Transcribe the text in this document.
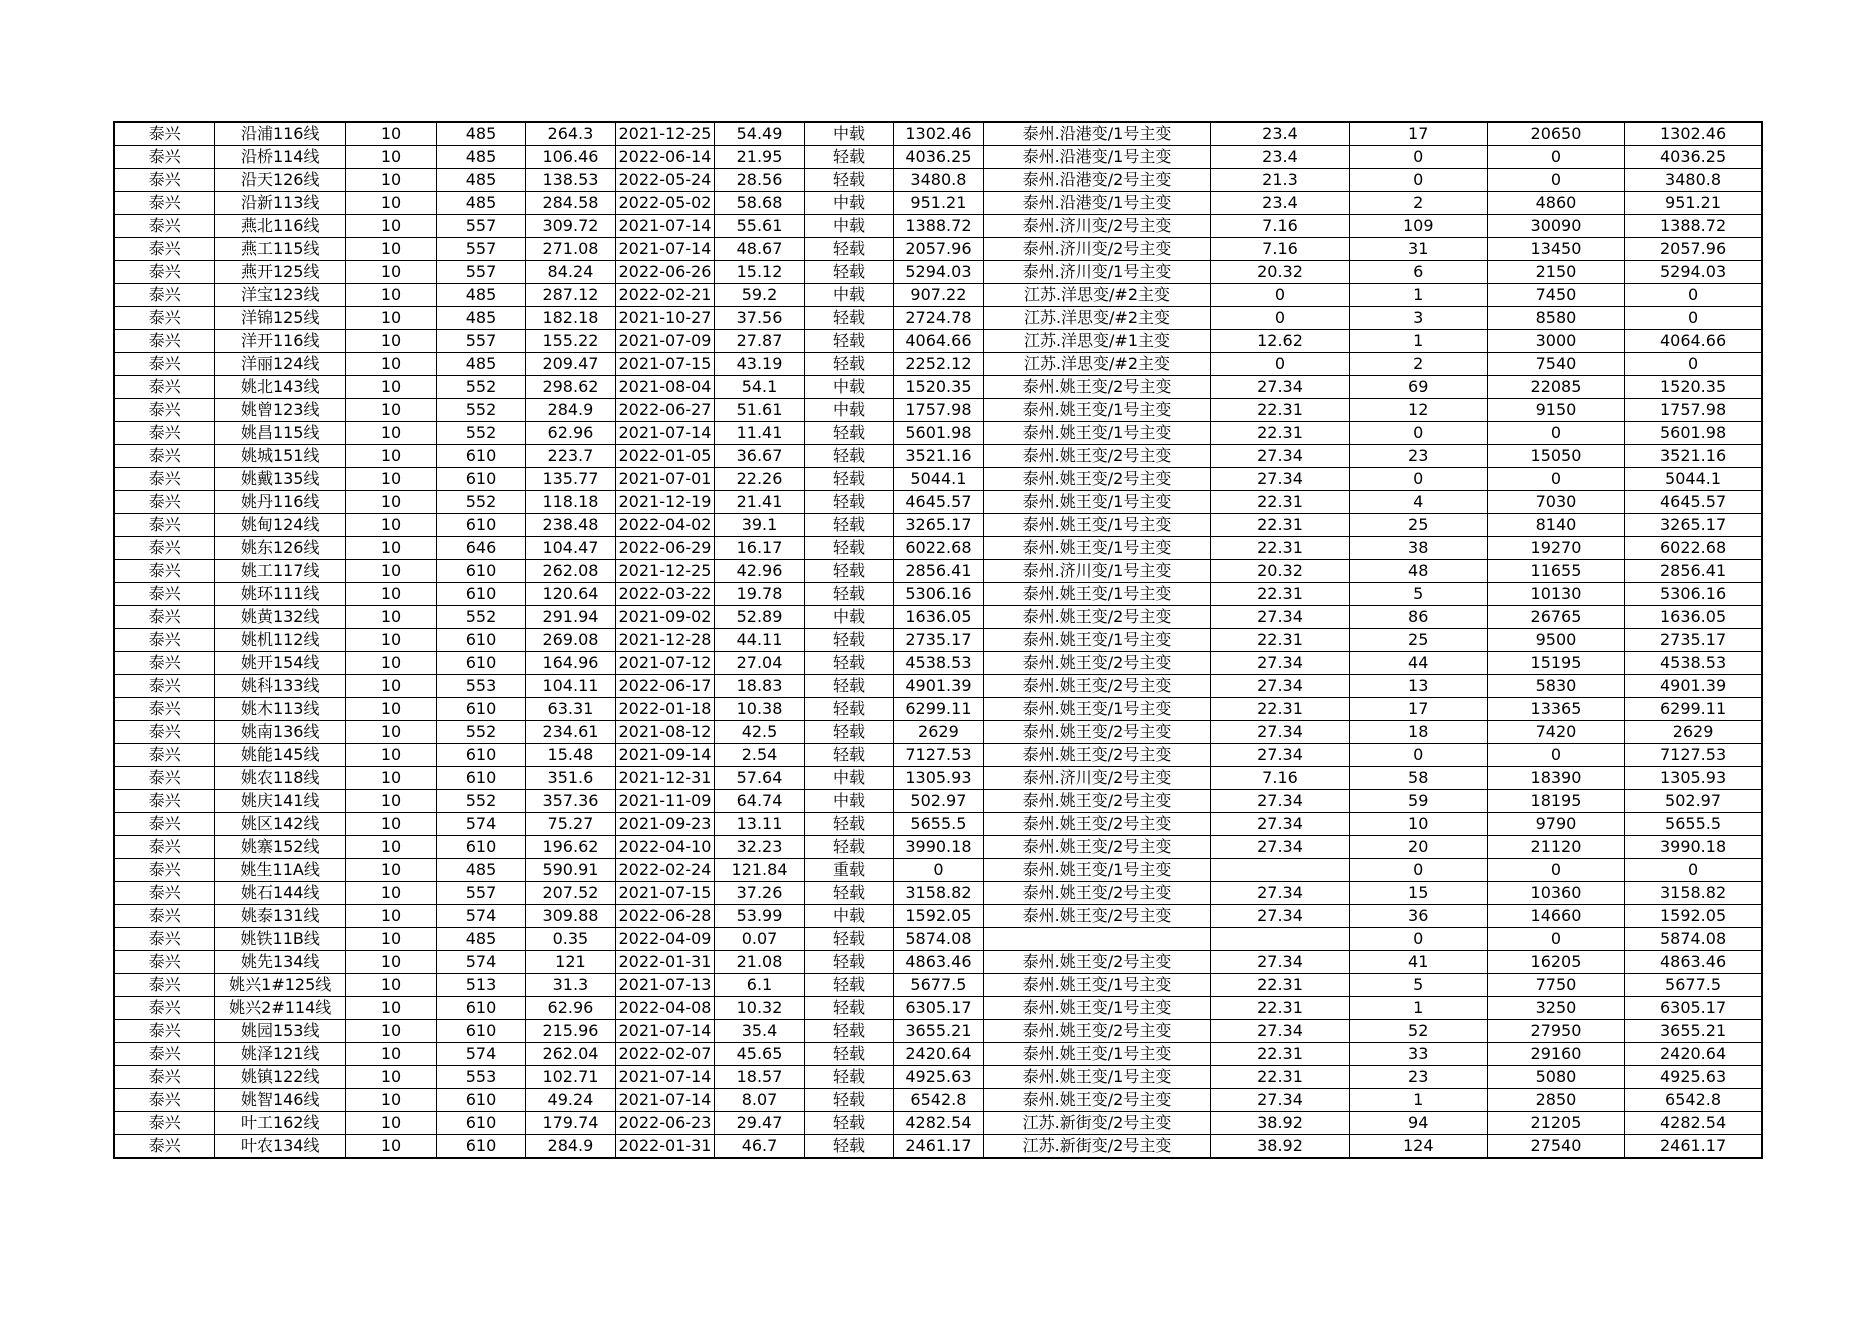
泰兴	沿浦116线	10	485	264.3	2021-12-25	54.49	中载	1302.46	泰州.沿港变/1号主变	23.4	17	20650	1302.46
泰兴	沿桥114线	10	485	106.46	2022-06-14	21.95	轻载	4036.25	泰州.沿港变/1号主变	23.4	0	0	4036.25
泰兴	沿天126线	10	485	138.53	2022-05-24	28.56	轻载	3480.8	泰州.沿港变/2号主变	21.3	0	0	3480.8
泰兴	沿新113线	10	485	284.58	2022-05-02	58.68	中载	951.21	泰州.沿港变/1号主变	23.4	2	4860	951.21
泰兴	燕北116线	10	557	309.72	2021-07-14	55.61	中载	1388.72	泰州.济川变/2号主变	7.16	109	30090	1388.72
泰兴	燕工115线	10	557	271.08	2021-07-14	48.67	轻载	2057.96	泰州.济川变/2号主变	7.16	31	13450	2057.96
泰兴	燕开125线	10	557	84.24	2022-06-26	15.12	轻载	5294.03	泰州.济川变/1号主变	20.32	6	2150	5294.03
泰兴	洋宝123线	10	485	287.12	2022-02-21	59.2	中载	907.22	江苏.洋思变/#2主变	0	1	7450	0
泰兴	洋锦125线	10	485	182.18	2021-10-27	37.56	轻载	2724.78	江苏.洋思变/#2主变	0	3	8580	0
泰兴	洋开116线	10	557	155.22	2021-07-09	27.87	轻载	4064.66	江苏.洋思变/#1主变	12.62	1	3000	4064.66
泰兴	洋丽124线	10	485	209.47	2021-07-15	43.19	轻载	2252.12	江苏.洋思变/#2主变	0	2	7540	0
泰兴	姚北143线	10	552	298.62	2021-08-04	54.1	中载	1520.35	泰州.姚王变/2号主变	27.34	69	22085	1520.35
泰兴	姚曾123线	10	552	284.9	2022-06-27	51.61	中载	1757.98	泰州.姚王变/1号主变	22.31	12	9150	1757.98
泰兴	姚昌115线	10	552	62.96	2021-07-14	11.41	轻载	5601.98	泰州.姚王变/1号主变	22.31	0	0	5601.98
泰兴	姚城151线	10	610	223.7	2022-01-05	36.67	轻载	3521.16	泰州.姚王变/2号主变	27.34	23	15050	3521.16
泰兴	姚戴135线	10	610	135.77	2021-07-01	22.26	轻载	5044.1	泰州.姚王变/2号主变	27.34	0	0	5044.1
泰兴	姚丹116线	10	552	118.18	2021-12-19	21.41	轻载	4645.57	泰州.姚王变/1号主变	22.31	4	7030	4645.57
泰兴	姚甸124线	10	610	238.48	2022-04-02	39.1	轻载	3265.17	泰州.姚王变/1号主变	22.31	25	8140	3265.17
泰兴	姚东126线	10	646	104.47	2022-06-29	16.17	轻载	6022.68	泰州.姚王变/1号主变	22.31	38	19270	6022.68
泰兴	姚工117线	10	610	262.08	2021-12-25	42.96	轻载	2856.41	泰州.济川变/1号主变	20.32	48	11655	2856.41
泰兴	姚环111线	10	610	120.64	2022-03-22	19.78	轻载	5306.16	泰州.姚王变/1号主变	22.31	5	10130	5306.16
泰兴	姚黄132线	10	552	291.94	2021-09-02	52.89	中载	1636.05	泰州.姚王变/2号主变	27.34	86	26765	1636.05
泰兴	姚机112线	10	610	269.08	2021-12-28	44.11	轻载	2735.17	泰州.姚王变/1号主变	22.31	25	9500	2735.17
泰兴	姚开154线	10	610	164.96	2021-07-12	27.04	轻载	4538.53	泰州.姚王变/2号主变	27.34	44	15195	4538.53
泰兴	姚科133线	10	553	104.11	2022-06-17	18.83	轻载	4901.39	泰州.姚王变/2号主变	27.34	13	5830	4901.39
泰兴	姚木113线	10	610	63.31	2022-01-18	10.38	轻载	6299.11	泰州.姚王变/1号主变	22.31	17	13365	6299.11
泰兴	姚南136线	10	552	234.61	2021-08-12	42.5	轻载	2629	泰州.姚王变/2号主变	27.34	18	7420	2629
泰兴	姚能145线	10	610	15.48	2021-09-14	2.54	轻载	7127.53	泰州.姚王变/2号主变	27.34	0	0	7127.53
泰兴	姚农118线	10	610	351.6	2021-12-31	57.64	中载	1305.93	泰州.济川变/2号主变	7.16	58	18390	1305.93
泰兴	姚庆141线	10	552	357.36	2021-11-09	64.74	中载	502.97	泰州.姚王变/2号主变	27.34	59	18195	502.97
泰兴	姚区142线	10	574	75.27	2021-09-23	13.11	轻载	5655.5	泰州.姚王变/2号主变	27.34	10	9790	5655.5
泰兴	姚寨152线	10	610	196.62	2022-04-10	32.23	轻载	3990.18	泰州.姚王变/2号主变	27.34	20	21120	3990.18
泰兴	姚生11A线	10	485	590.91	2022-02-24	121.84	重载	0	泰州.姚王变/1号主变		0	0	0
泰兴	姚石144线	10	557	207.52	2021-07-15	37.26	轻载	3158.82	泰州.姚王变/2号主变	27.34	15	10360	3158.82
泰兴	姚泰131线	10	574	309.88	2022-06-28	53.99	中载	1592.05	泰州.姚王变/2号主变	27.34	36	14660	1592.05
泰兴	姚铁11B线	10	485	0.35	2022-04-09	0.07	轻载	5874.08			0	0	5874.08
泰兴	姚先134线	10	574	121	2022-01-31	21.08	轻载	4863.46	泰州.姚王变/2号主变	27.34	41	16205	4863.46
泰兴	姚兴1#125线	10	513	31.3	2021-07-13	6.1	轻载	5677.5	泰州.姚王变/1号主变	22.31	5	7750	5677.5
泰兴	姚兴2#114线	10	610	62.96	2022-04-08	10.32	轻载	6305.17	泰州.姚王变/1号主变	22.31	1	3250	6305.17
泰兴	姚园153线	10	610	215.96	2021-07-14	35.4	轻载	3655.21	泰州.姚王变/2号主变	27.34	52	27950	3655.21
泰兴	姚泽121线	10	574	262.04	2022-02-07	45.65	轻载	2420.64	泰州.姚王变/1号主变	22.31	33	29160	2420.64
泰兴	姚镇122线	10	553	102.71	2021-07-14	18.57	轻载	4925.63	泰州.姚王变/1号主变	22.31	23	5080	4925.63
泰兴	姚智146线	10	610	49.24	2021-07-14	8.07	轻载	6542.8	泰州.姚王变/2号主变	27.34	1	2850	6542.8
泰兴	叶工162线	10	610	179.74	2022-06-23	29.47	轻载	4282.54	江苏.新街变/2号主变	38.92	94	21205	4282.54
泰兴	叶农134线	10	610	284.9	2022-01-31	46.7	轻载	2461.17	江苏.新街变/2号主变	38.92	124	27540	2461.17
